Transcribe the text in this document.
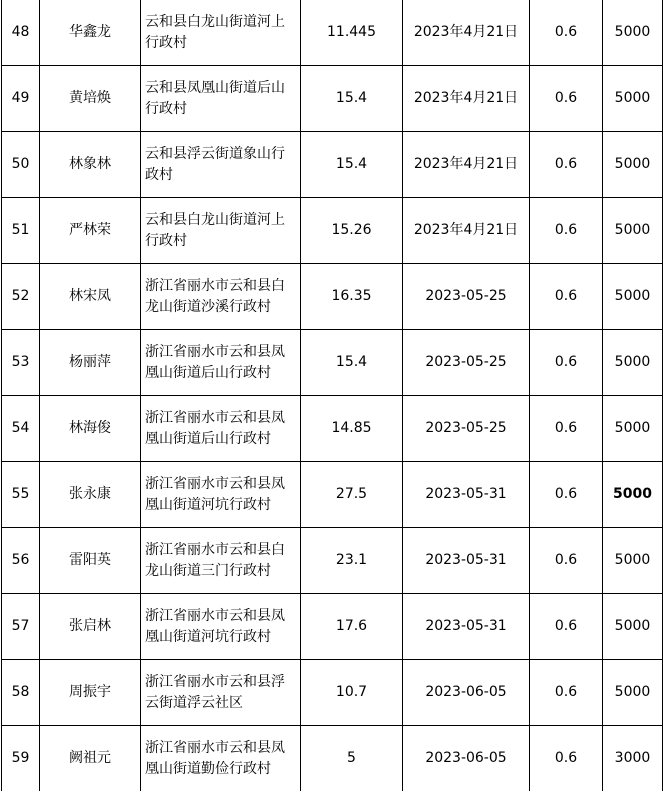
48	华鑫龙	云和县白龙山街道河上行政村	11.445	2023年4月21日	0.6	5000
49	黄培焕	云和县凤凰山街道后山行政村	15.4	2023年4月21日	0.6	5000
50	林象林	云和县浮云街道象山行政村	15.4	2023年4月21日	0.6	5000
51	严林荣	云和县白龙山街道河上行政村	15.26	2023年4月21日	0.6	5000
52	林宋凤	浙江省丽水市云和县白龙山街道沙溪行政村	16.35	2023-05-25	0.6	5000
53	杨丽萍	浙江省丽水市云和县凤凰山街道后山行政村	15.4	2023-05-25	0.6	5000
54	林海俊	浙江省丽水市云和县凤凰山街道后山行政村	14.85	2023-05-25	0.6	5000
55	张永康	浙江省丽水市云和县凤凰山街道河坑行政村	27.5	2023-05-31	0.6	5000
56	雷阳英	浙江省丽水市云和县白龙山街道三门行政村	23.1	2023-05-31	0.6	5000
57	张启林	浙江省丽水市云和县凤凰山街道河坑行政村	17.6	2023-05-31	0.6	5000
58	周振宇	浙江省丽水市云和县浮云街道浮云社区	10.7	2023-06-05	0.6	5000
59	阙祖元	浙江省丽水市云和县凤凰山街道勤俭行政村	5	2023-06-05	0.6	3000
